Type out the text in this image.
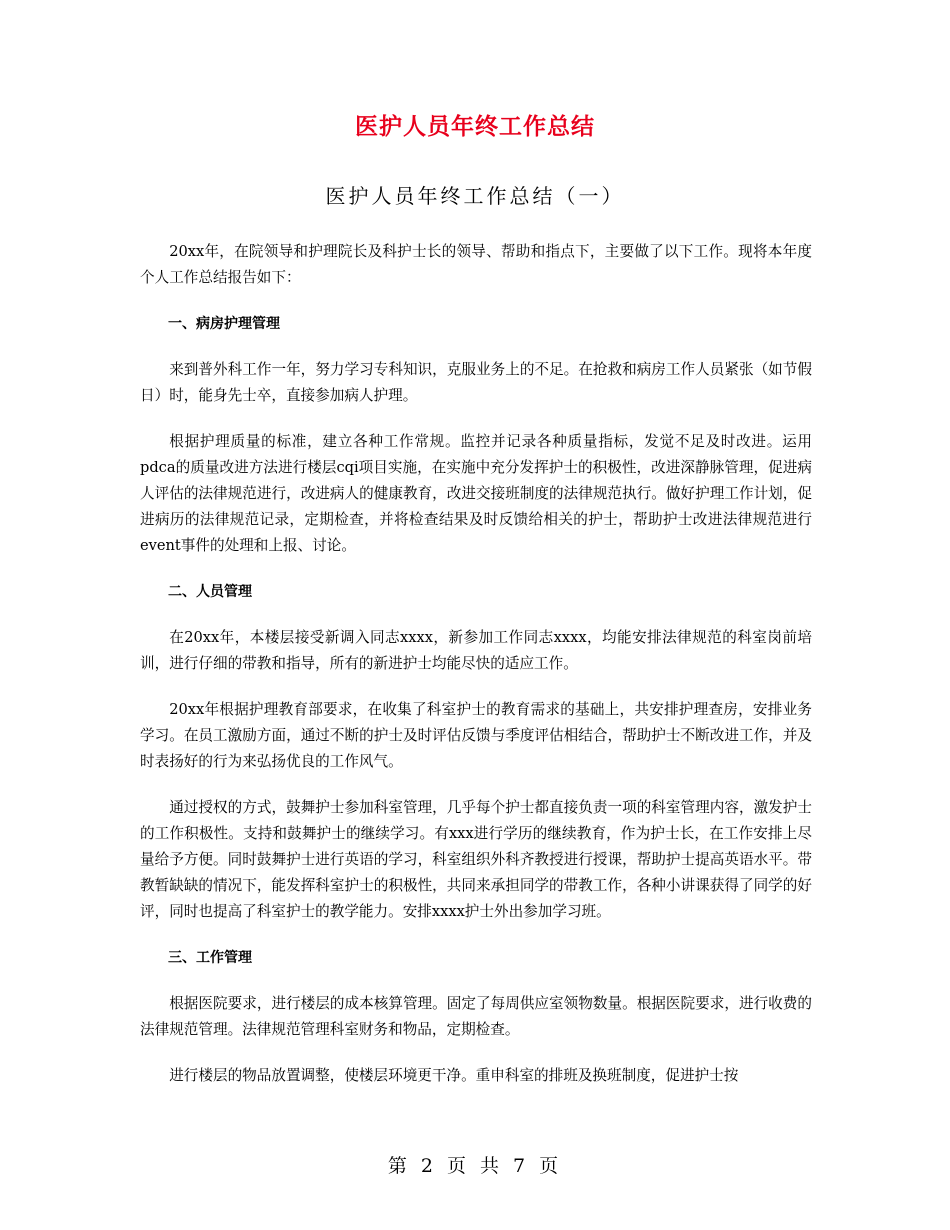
医护人员年终工作总结
医护人员年终工作总结（一）

20xx年，在院领导和护理院长及科护士长的领导、帮助和指点下，主要做了以下工作。现将本年度个人工作总结报告如下：

一、病房护理管理

来到普外科工作一年，努力学习专科知识，克服业务上的不足。在抢救和病房工作人员紧张（如节假日）时，能身先士卒，直接参加病人护理。

根据护理质量的标准，建立各种工作常规。监控并记录各种质量指标，发觉不足及时改进。运用pdca的质量改进方法进行楼层cqi项目实施，在实施中充分发挥护士的积极性，改进深静脉管理，促进病人评估的法律规范进行，改进病人的健康教育，改进交接班制度的法律规范执行。做好护理工作计划，促进病历的法律规范记录，定期检查，并将检查结果及时反馈给相关的护士，帮助护士改进法律规范进行event事件的处理和上报、讨论。

二、人员管理

在20xx年，本楼层接受新调入同志xxxx，新参加工作同志xxxx，均能安排法律规范的科室岗前培训，进行仔细的带教和指导，所有的新进护士均能尽快的适应工作。

20xx年根据护理教育部要求，在收集了科室护士的教育需求的基础上，共安排护理查房，安排业务学习。在员工激励方面，通过不断的护士及时评估反馈与季度评估相结合，帮助护士不断改进工作，并及时表扬好的行为来弘扬优良的工作风气。

通过授权的方式，鼓舞护士参加科室管理，几乎每个护士都直接负责一项的科室管理内容，激发护士的工作积极性。支持和鼓舞护士的继续学习。有xxx进行学历的继续教育，作为护士长，在工作安排上尽量给予方便。同时鼓舞护士进行英语的学习，科室组织外科齐教授进行授课，帮助护士提高英语水平。带教暂缺缺的情况下，能发挥科室护士的积极性，共同来承担同学的带教工作，各种小讲课获得了同学的好评，同时也提高了科室护士的教学能力。安排xxxx护士外出参加学习班。

三、工作管理

根据医院要求，进行楼层的成本核算管理。固定了每周供应室领物数量。根据医院要求，进行收费的法律规范管理。法律规范管理科室财务和物品，定期检查。

进行楼层的物品放置调整，使楼层环境更干净。重申科室的排班及换班制度，促进护士按

第 2 页 共 7 页
